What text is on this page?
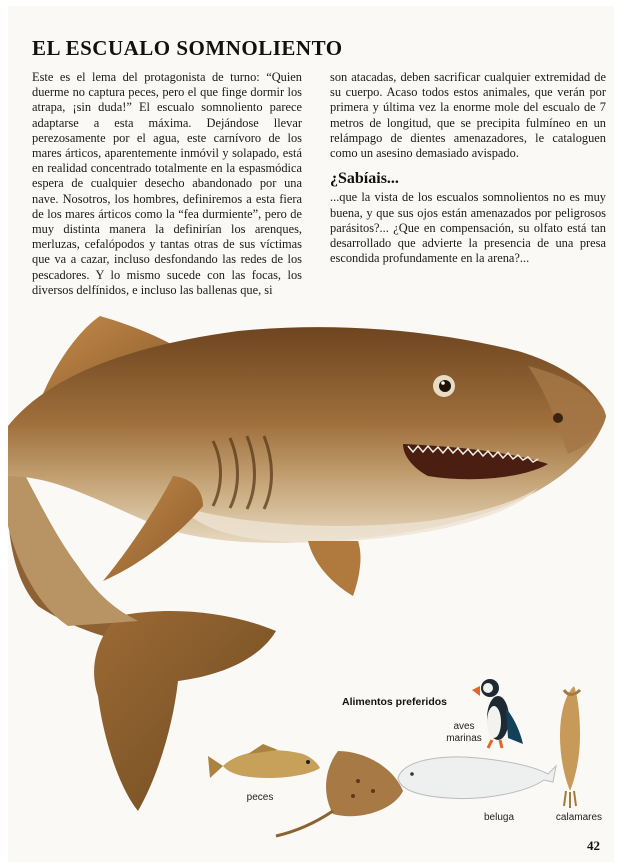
EL ESCUALO SOMNOLIENTO

Este es el lema del protagonista de turno: “Quien duerme no captura peces, pero el que finge dormir los atrapa, ¡sin duda!” El escualo somnoliento parece adaptarse a esta máxima. Dejándose llevar perezosamente por el agua, este carnívoro de los mares árticos, aparentemente inmóvil y solapado, está en realidad concentrado totalmente en la espasmódica espera de cualquier desecho abandonado por una nave. Nosotros, los hombres, definiremos a esta fiera de los mares árticos como la “fea durmiente”, pero de muy distinta manera la definirían los arenques, merluzas, cefalópodos y tantas otras de sus víctimas que va a cazar, incluso desfondando las redes de los pescadores. Y lo mismo sucede con las focas, los diversos delfínidos, e incluso las ballenas que, si

son atacadas, deben sacrificar cualquier extremidad de su cuerpo. Acaso todos estos animales, que verán por primera y última vez la enorme mole del escualo de 7 metros de longitud, que se precipita fulmíneo en un relámpago de dientes amenazadores, le cataloguen como un asesino demasiado avispado.

¿Sabíais...

...que la vista de los escualos somnolientos no es muy buena, y que sus ojos están amenazados por peligrosos parásitos?... ¿Que en compensación, su olfato está tan desarrollado que advierte la presencia de una presa escondida profundamente en la arena?...

Alimentos preferidos
aves
marinas
peces
beluga	calamares
42
